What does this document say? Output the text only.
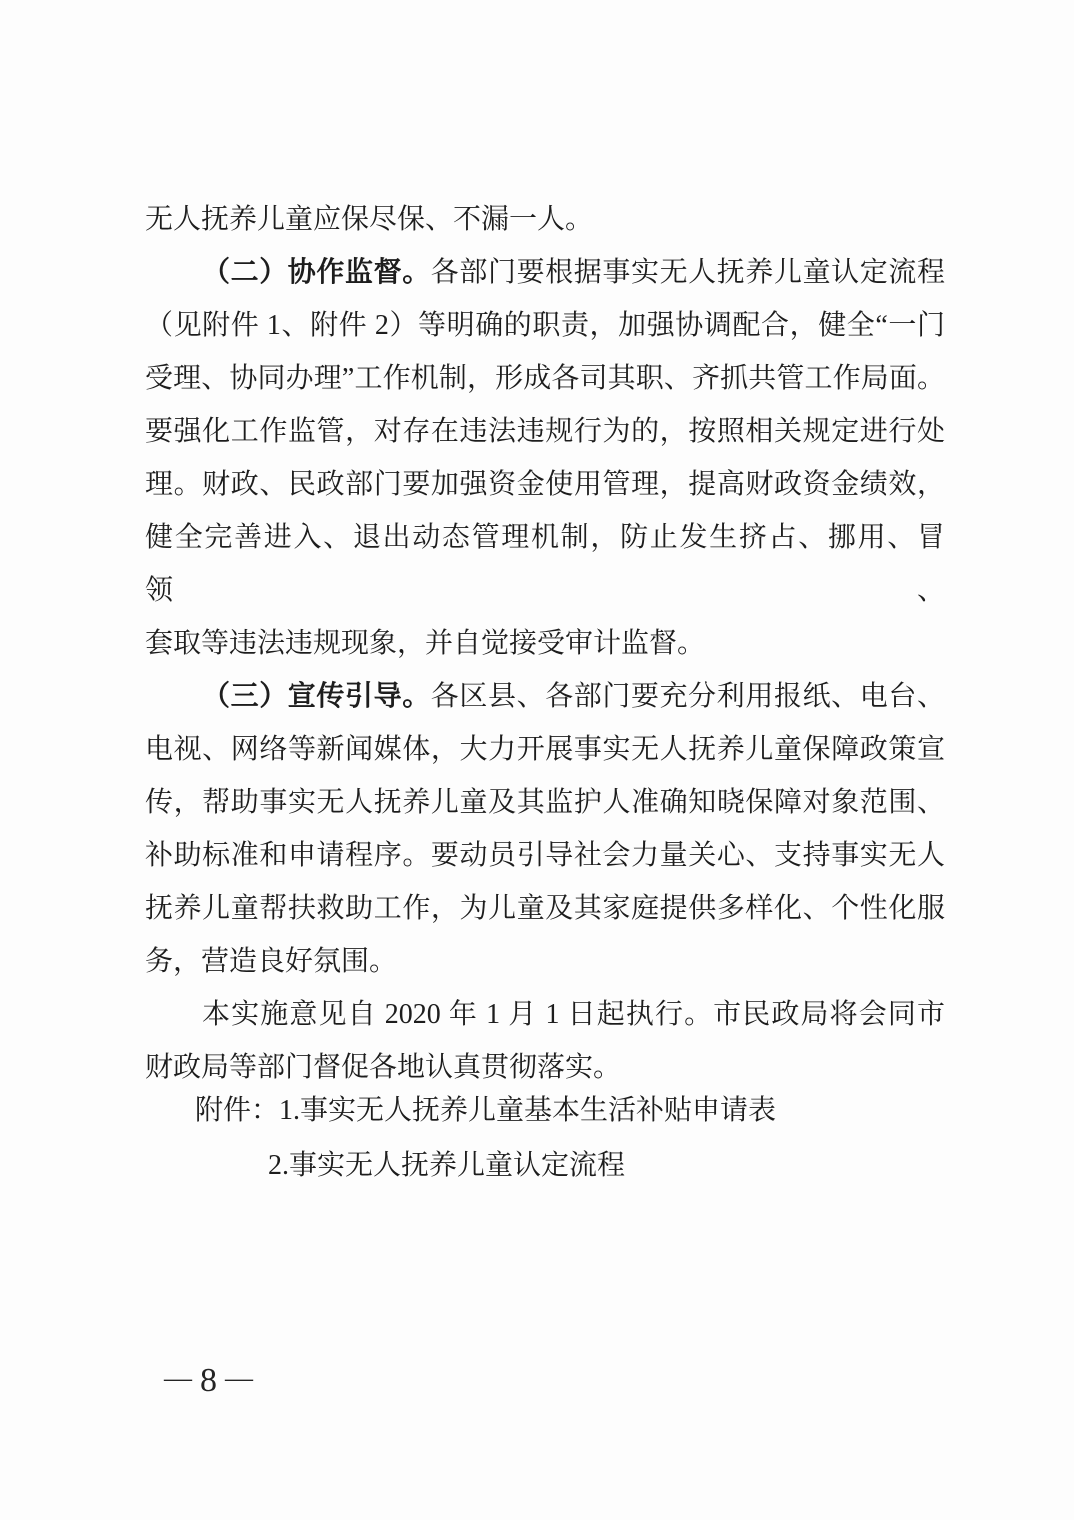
无人抚养儿童应保尽保、不漏一人。
（二）协作监督。各部门要根据事实无人抚养儿童认定流程
（见附件 1、附件 2）等明确的职责，加强协调配合，健全“一门
受理、协同办理”工作机制，形成各司其职、齐抓共管工作局面。
要强化工作监管，对存在违法违规行为的，按照相关规定进行处
理。财政、民政部门要加强资金使用管理，提高财政资金绩效，
健全完善进入、退出动态管理机制，防止发生挤占、挪用、冒领、
套取等违法违规现象，并自觉接受审计监督。
（三）宣传引导。各区县、各部门要充分利用报纸、电台、
电视、网络等新闻媒体，大力开展事实无人抚养儿童保障政策宣
传，帮助事实无人抚养儿童及其监护人准确知晓保障对象范围、
补助标准和申请程序。要动员引导社会力量关心、支持事实无人
抚养儿童帮扶救助工作，为儿童及其家庭提供多样化、个性化服
务，营造良好氛围。
本实施意见自 2020 年 1 月 1 日起执行。市民政局将会同市
财政局等部门督促各地认真贯彻落实。
附件：1.事实无人抚养儿童基本生活补贴申请表
2.事实无人抚养儿童认定流程
— 8 —
